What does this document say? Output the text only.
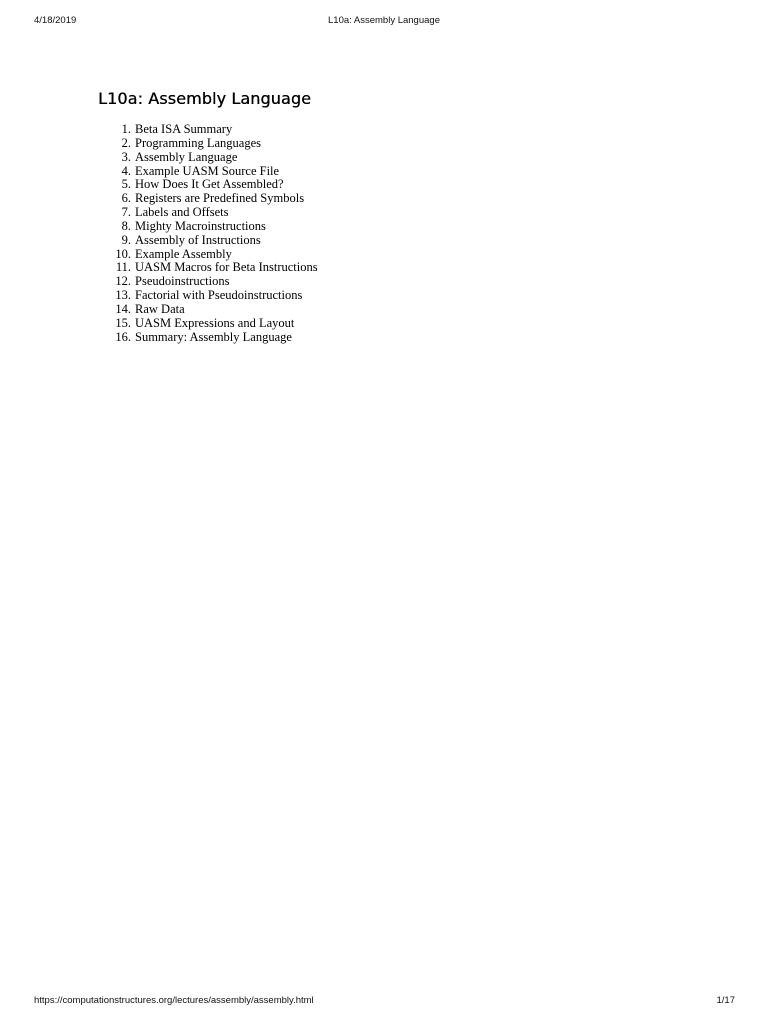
4/18/2019	L10a: Assembly Language
L10a: Assembly Language
1. Beta ISA Summary
2. Programming Languages
3. Assembly Language
4. Example UASM Source File
5. How Does It Get Assembled?
6. Registers are Predefined Symbols
7. Labels and Offsets
8. Mighty Macroinstructions
9. Assembly of Instructions
10. Example Assembly
11. UASM Macros for Beta Instructions
12. Pseudoinstructions
13. Factorial with Pseudoinstructions
14. Raw Data
15. UASM Expressions and Layout
16. Summary: Assembly Language
https://computationstructures.org/lectures/assembly/assembly.html	1/17
